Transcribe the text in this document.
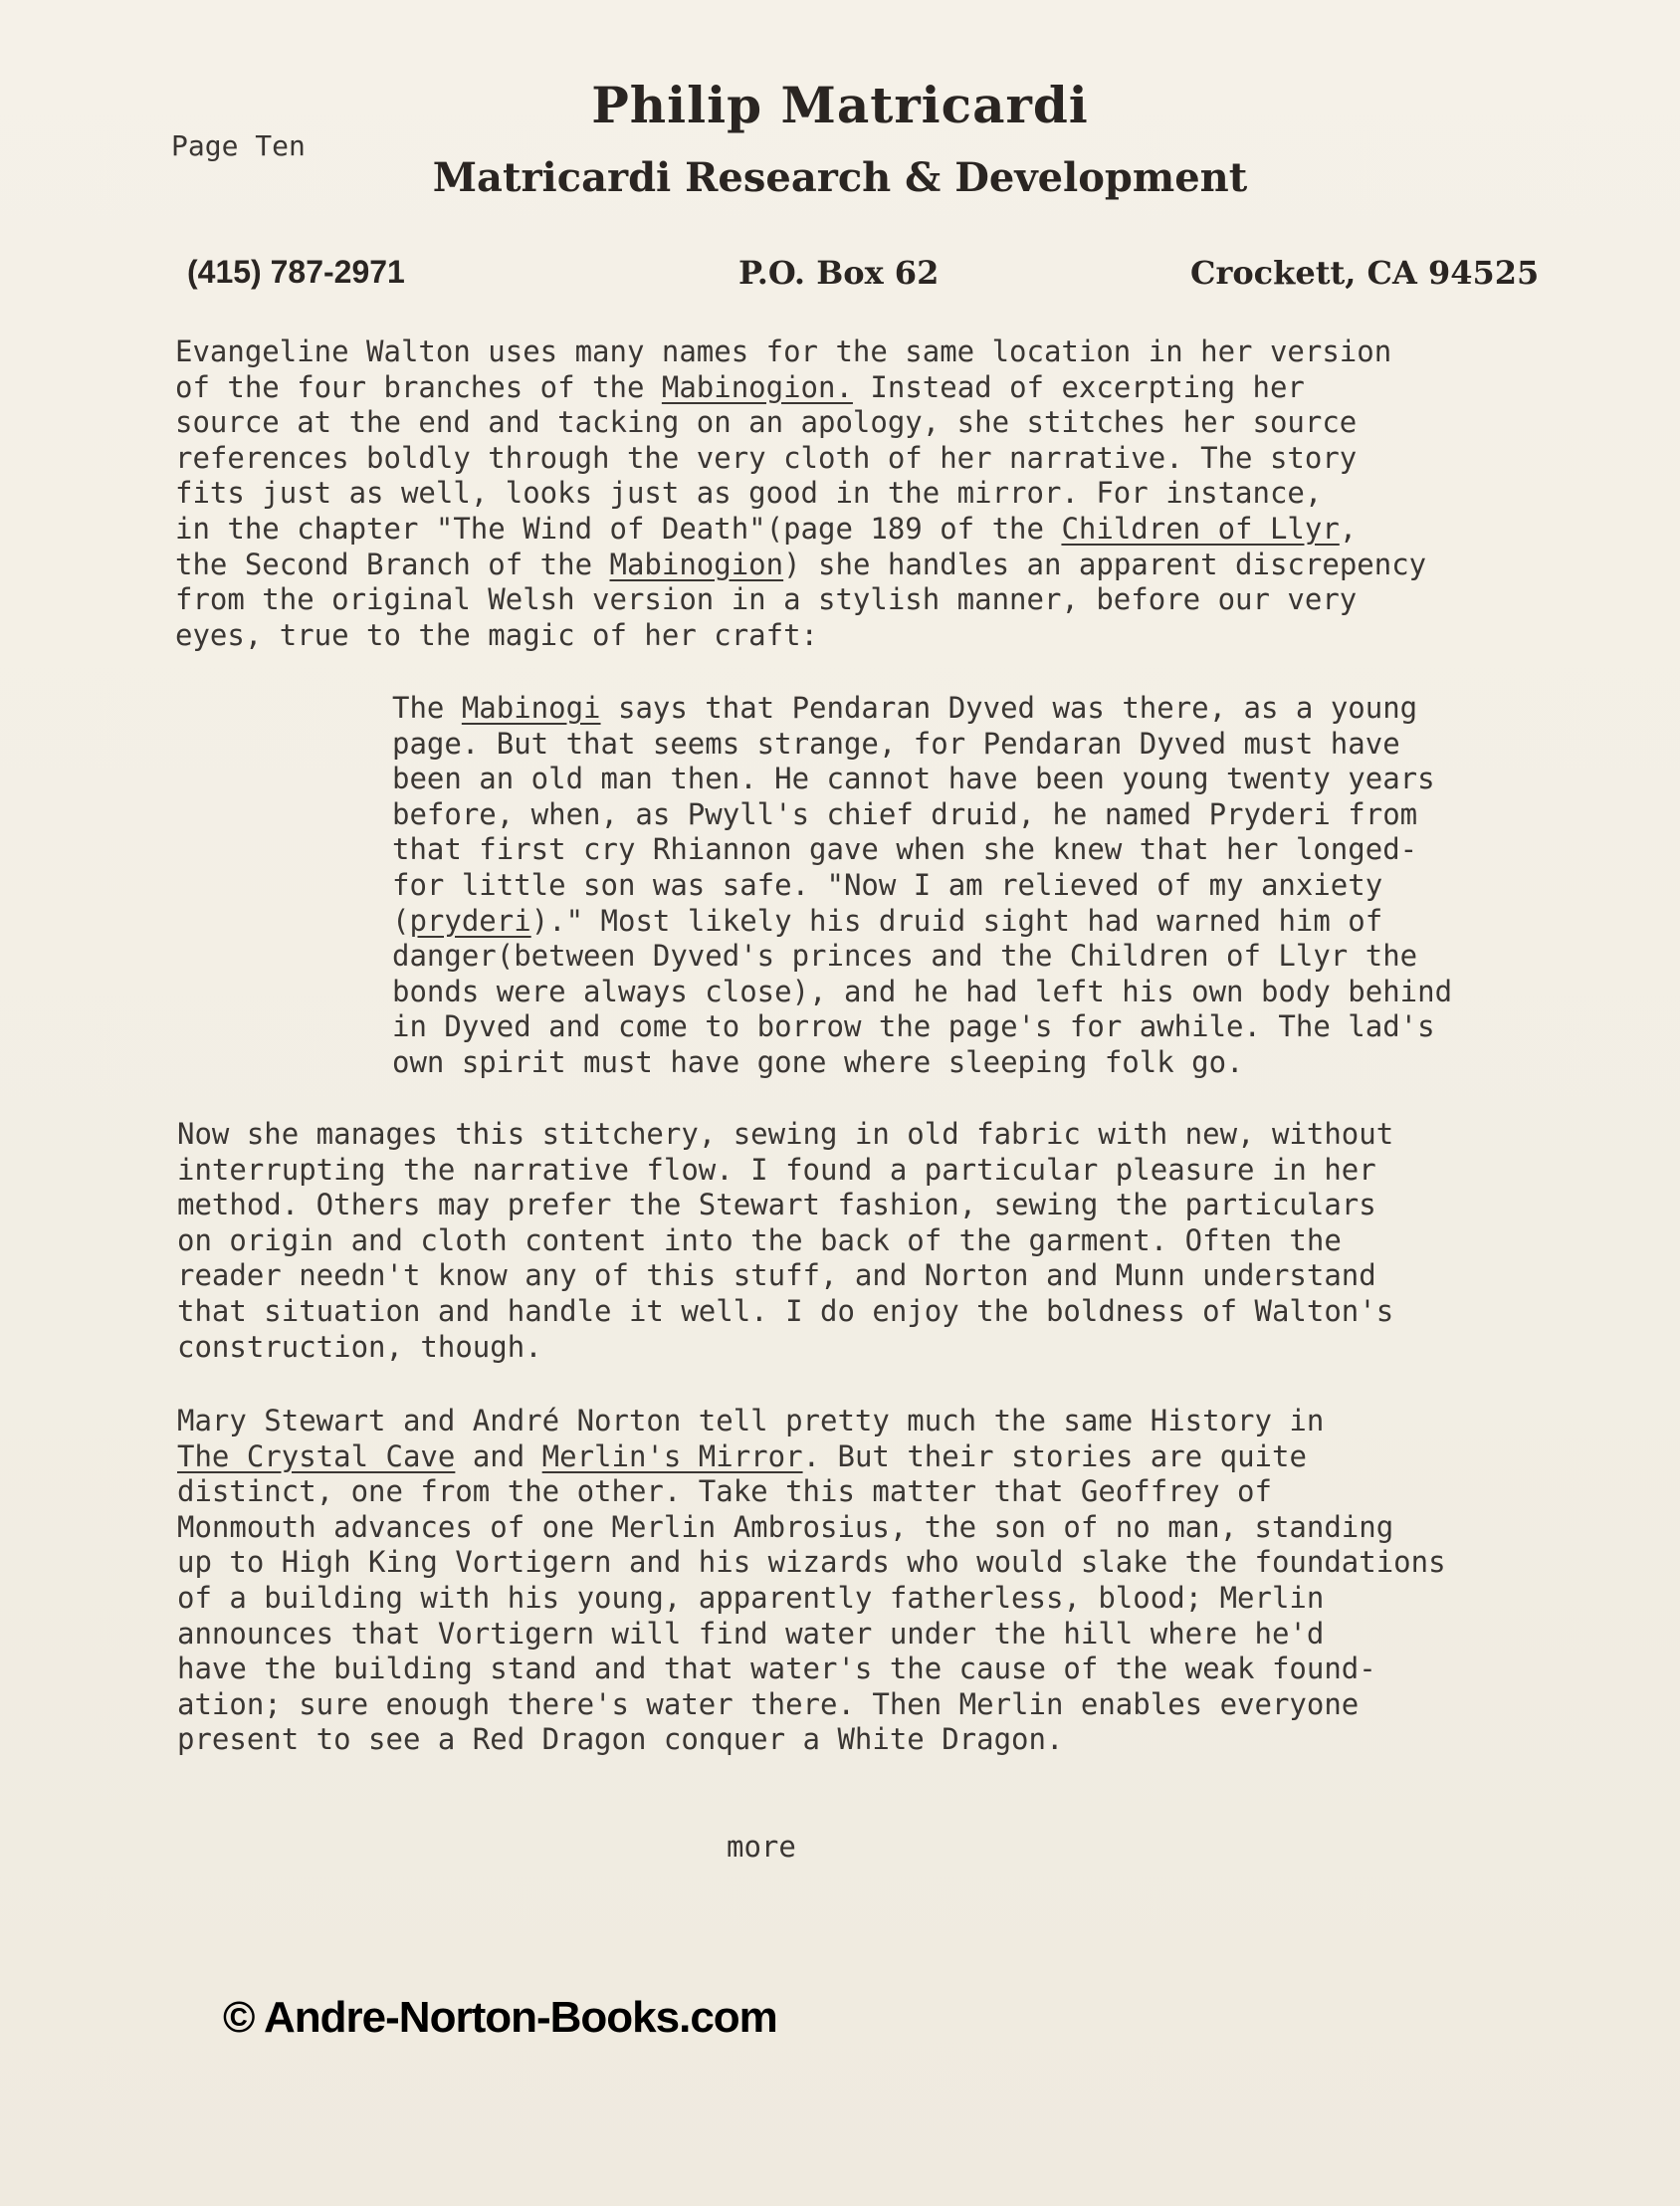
Philip Matricardi
Matricardi Research & Development
Page Ten
(415) 787-2971	P.O. Box 62	Crockett, CA 94525
Evangeline Walton uses many names for the same location in her version
of the four branches of the Mabinogion. Instead of excerpting her
source at the end and tacking on an apology, she stitches her source
references boldly through the very cloth of her narrative. The story
fits just as well, looks just as good in the mirror. For instance,
in the chapter "The Wind of Death"(page 189 of the Children of Llyr,
the Second Branch of the Mabinogion) she handles an apparent discrepency
from the original Welsh version in a stylish manner, before our very
eyes, true to the magic of her craft:
The Mabinogi says that Pendaran Dyved was there, as a young
page. But that seems strange, for Pendaran Dyved must have
been an old man then. He cannot have been young twenty years
before, when, as Pwyll's chief druid, he named Pryderi from
that first cry Rhiannon gave when she knew that her longed-
for little son was safe. "Now I am relieved of my anxiety
(pryderi)." Most likely his druid sight had warned him of
danger(between Dyved's princes and the Children of Llyr the
bonds were always close), and he had left his own body behind
in Dyved and come to borrow the page's for awhile. The lad's
own spirit must have gone where sleeping folk go.
Now she manages this stitchery, sewing in old fabric with new, without
interrupting the narrative flow. I found a particular pleasure in her
method. Others may prefer the Stewart fashion, sewing the particulars
on origin and cloth content into the back of the garment. Often the
reader needn't know any of this stuff, and Norton and Munn understand
that situation and handle it well. I do enjoy the boldness of Walton's
construction, though.
Mary Stewart and André Norton tell pretty much the same History in
The Crystal Cave and Merlin's Mirror. But their stories are quite
distinct, one from the other. Take this matter that Geoffrey of
Monmouth advances of one Merlin Ambrosius, the son of no man, standing
up to High King Vortigern and his wizards who would slake the foundations
of a building with his young, apparently fatherless, blood; Merlin
announces that Vortigern will find water under the hill where he'd
have the building stand and that water's the cause of the weak found-
ation; sure enough there's water there. Then Merlin enables everyone
present to see a Red Dragon conquer a White Dragon.
more
© Andre-Norton-Books.com
